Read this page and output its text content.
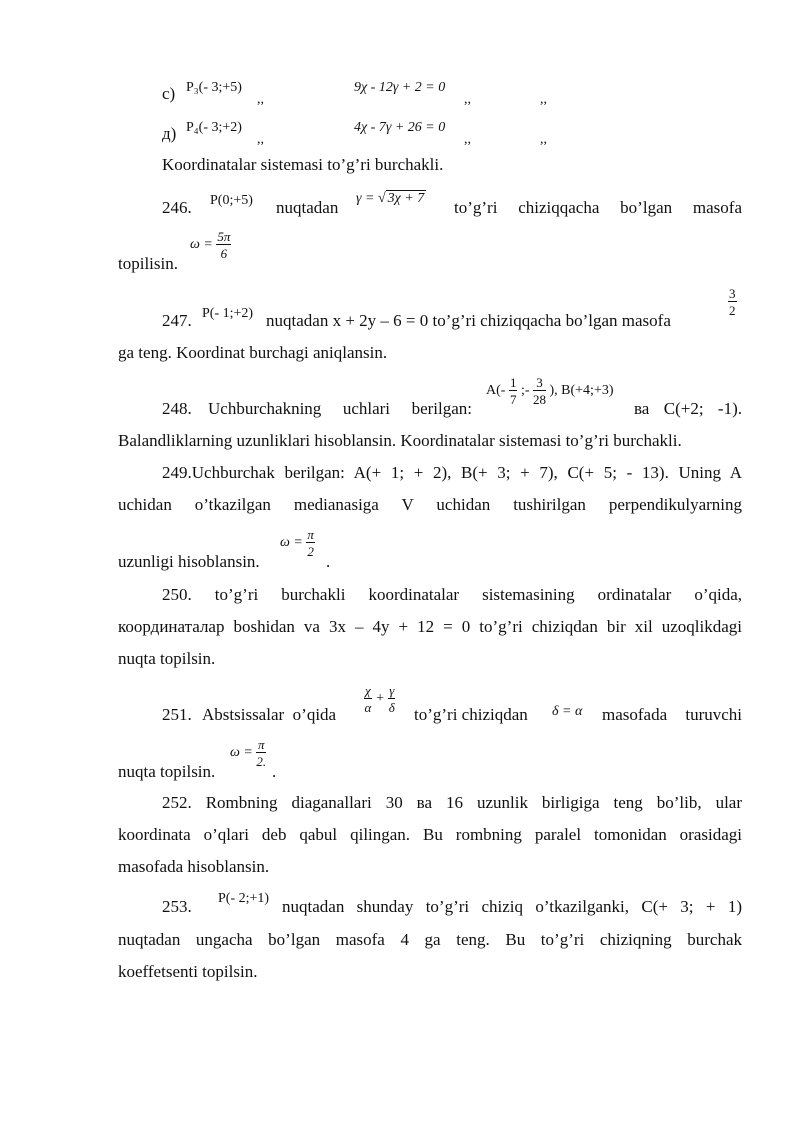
с) P₃(- 3;+5)
,,
9χ - 12γ + 2 = 0
,,	,,
д) P₄(- 3;+2)
,,
4χ - 7γ + 26 = 0
,,	,,
Koordinatalar sistemasi to’g’ri burchakli.
246. P(0;+5) nuqtadan γ = √ 3χ + 7 to’g’ri chiziqqacha bo’lgan masofa
topilisin.
$\omega = \frac{5\pi}{6}$
247. P(- 1;+2) nuqtadan x + 2y – 6 = 0 to’g’ri chiziqqacha bo’lgan masofa
$\frac{3}{2}$
ga teng. Koordinat burchagi aniqlansin.
248. Uchburchakning uchlari berilgan:
$A(- \frac{1}{7}$ ;- $\frac{3}{28}$ ), B(+4;+3)
ва C(+2; -1).
Balandliklarning uzunliklari hisoblansin. Koordinatalar sistemasi to’g’ri burchakli.
249.Uchburchak berilgan: A(+ 1; + 2), B(+ 3; + 7), C(+ 5; - 13). Uning A
uchidan o’tkazilgan medianasiga V uchidan tushirilgan perpendikulyarning
uzunligi hisoblansin.
$\omega = \frac{\pi}{2}$
.
250. to’g’ri burchakli koordinatalar sistemasining ordinatalar o’qida,
координаталар boshidan va 3x – 4y + 12 = 0 to’g’ri chiziqdan bir xil uzoqlikdagi
nuqta topilsin.
251. Abstsissalar  o’qida
$\frac{\chi}{\alpha} + \frac{\gamma}{\delta}$
to’g’ri chiziqdan δ = α masofada turuvchi
nuqta topilsin.
$\omega = \frac{\pi}{2.}$
.
252. Rombning diaganallari 30 ва 16 uzunlik birligiga teng bo’lib, ular
koordinata o’qlari deb qabul qilingan. Bu rombning paralel tomonidan orasidagi
masofada hisoblansin.
253. P(- 2;+1) nuqtadan shunday to’g’ri chiziq o’tkazilganki, C(+ 3; + 1)
nuqtadan ungacha bo’lgan masofa 4 ga teng. Bu to’g’ri chiziqning burchak
koeffetsenti topilsin.
